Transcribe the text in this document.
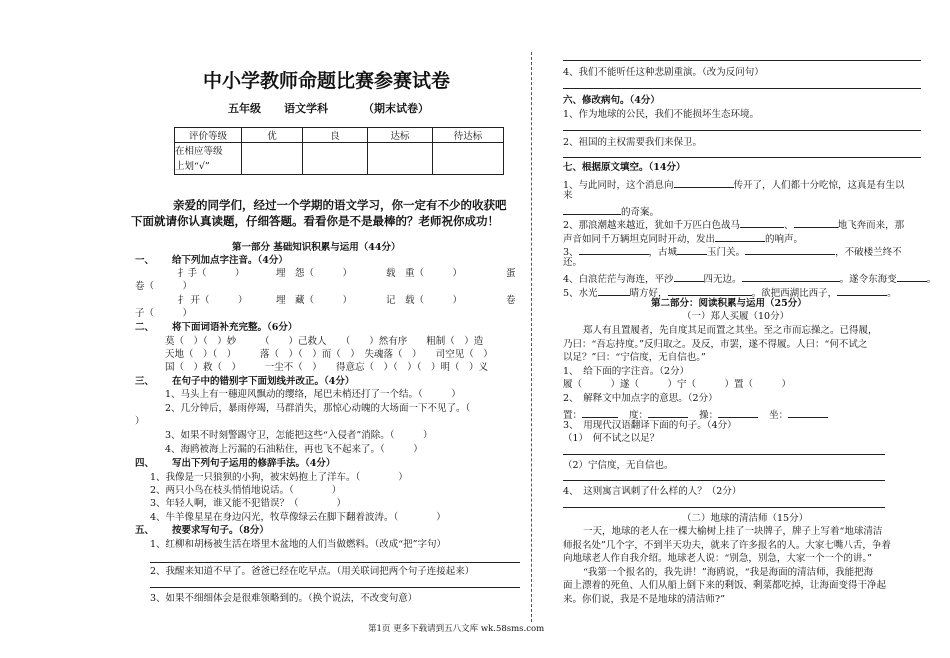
中小学教师命题比赛参赛试卷
五年级 语文学科	（期末试卷）
评价等级	优	良	达标	待达标

在相应等级
上划“√”				

亲爱的同学们，经过一个学期的语文学习，你一定有不少的收获吧
下面就请你认真读题，仔细答题。看看你是不是最棒的？老师祝你成功！
第一部分 基础知识积累与运用（44分）
一、 给下列加点字注音。（4分）
扌手（　　　）	埋　怨（　　　）	载　重（　　　）	蛋
卷（　　　）
扌 开（　　　）	埋　藏（　　　）	记　载（　　　）	卷
子（　　　）
二、 将下面词语补充完整。（6分）
莫（　）（　）妙　　　（　　）己救人　　（　　）然有序　　粗制（　）造
天地（　）（　）　　　落（　）（　）而（　）　失魂落（　）　　司空见（　）
国（　）救（　）　　　一尘不（　）　　得意忘（　）（　）（　）明（　）义
三、 在句子中的错别字下面划线并改正。（4分）
1、马头上有一穗迎风飘动的缨络，尾巴未梢还打了一个结。（　　　）
2、几分钟后，暴雨停竭，马群消失，那惊心动魄的大场面一下不见了。（
）
3、如果不时刻警踢守卫，怎能把这些“入侵者”消除。（　　　）
4、海鸥被海上污漏的石油粘住，再也飞不起来了。（　　　）
四、 写出下列句子运用的修辞手法。（4分）
1、我像是一只狼狈的小狗，被宋妈抱上了洋车。（　　　　）
2、两只小鸟在枝头悄悄地说话。（　　　　）
3、年轻人啊，谁又能不犯错误？（　　　　）
4、牛羊像星星在身边闪光，牧草像绿云在脚下翻着波涛。（　　　　）
五、 按要求写句子。（8分）
1、红柳和胡杨被生活在塔里木盆地的人们当做燃料。（改成“把”字句）
2、我醒来知道不早了。爸爸已经在吃早点。（用关联词把两个句子连接起来）
3、如果不细细体会是很难领略到的。（换个说法，不改变句意）
4、我们不能听任这种悲剧重演。（改为反问句）
六、修改病句。（4分）
1、作为地球的公民，我们不能损坏生态环境。
2、祖国的主权需要我们来保卫。
七、根据原文填空。（14分）
1、与此同时，这个消息向	传开了，人们都十分吃惊，这真是有生以
来
的奇案。
2、那浪潮越来越近，犹如千万匹白色战马	、	地飞奔而来，那
声音如同千万辆坦克同时开动，发出	的响声。
3、	，古城	玉门关。	，不破楼兰终不
还。
4、白浪茫茫与海连，平沙	四无边。	。遂令东海变	。
5、水光	晴方好，	。欲把西湖比西子，	。
第二部分：阅读积累与运用（25分）
（一）郑人买履（10分）
郑人有且置履者，先自度其足而置之其坐。至之市而忘操之。已得履，
乃曰：“吾忘持度。”反归取之。及反，市罢，遂不得履。人曰：“何不试之
以足？”曰：“宁信度，无自信也。”
1、　给下面的字注音。（2分）
履（　　　）遂（　　　）宁（　　　）置（　　　）
2、　解释文中加点字的意思。（2分）
置：	度：	操：	坐：
3、　用现代汉语翻译下面的句子。（4分）
（1）　何不试之以足？
（2）宁信度，无自信也。
4、　这则寓言讽刺了什么样的人？（2分）
（二）地球的清洁师（15分）
一天，地球的老人在一棵大榆树上挂了一块牌子，牌子上写着“地球清洁
师报名处”几个字，不到半天功夫，就来了许多报名的人。大家七嘴八舌，争着
向地球老人作自我介绍。地球老人说：“别急，别急，大家一个一个的讲。”
“我第一个报名的，我先讲！”海鸥说，“我是海面的清洁师，我能把海
面上漂着的死鱼、人们从船上倒下来的剩饭、剩菜都吃掉，让海面变得干净起
来。你们说，我是不是地球的清洁师?”
第1页 更多下载请到五八文库 wk.58sms.com
